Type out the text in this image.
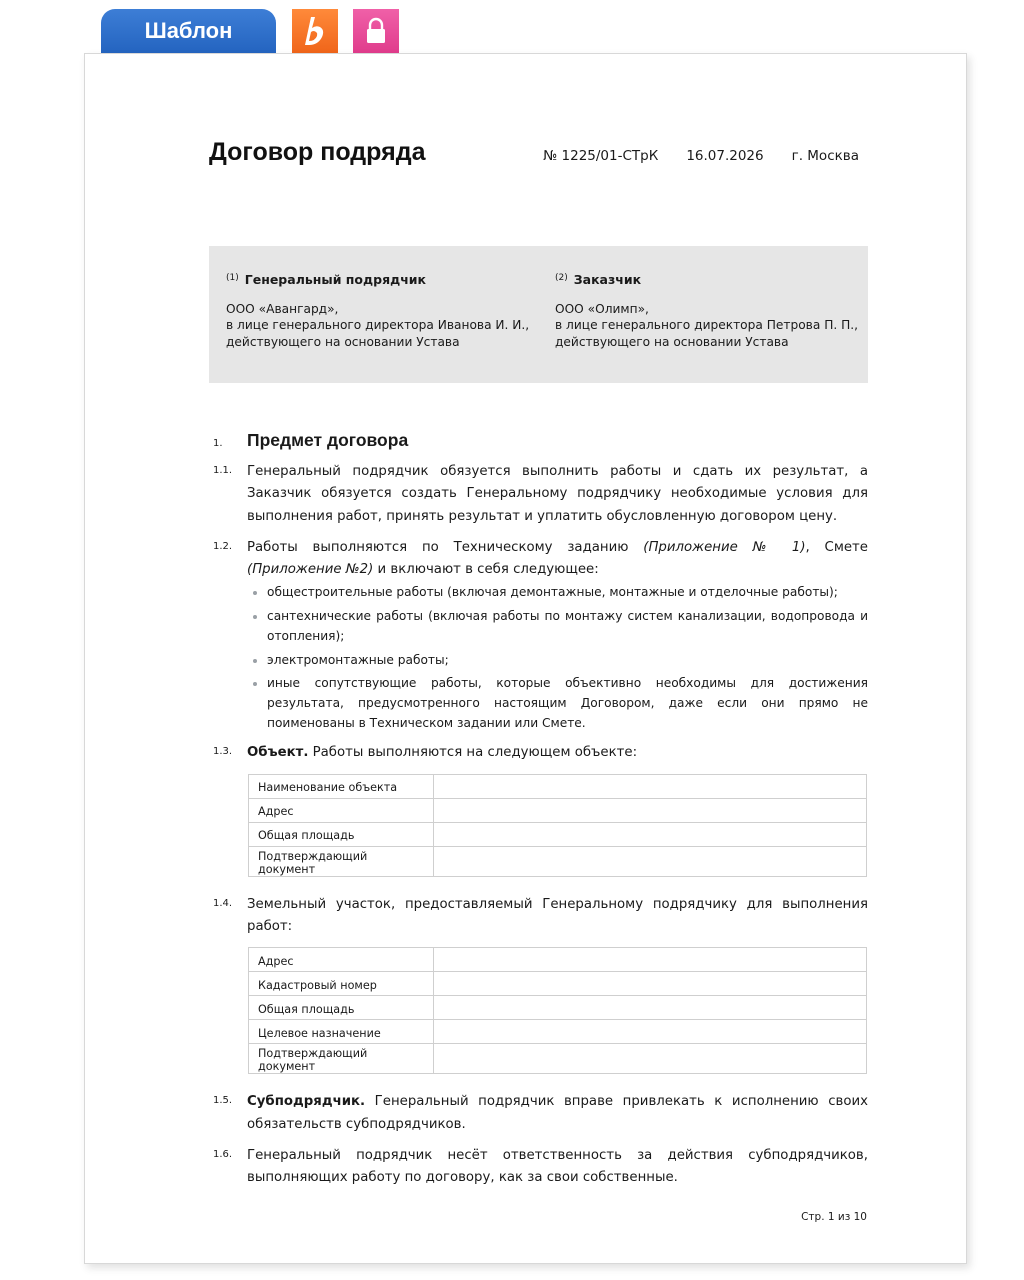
Шаблон
Договор подряда	№ 1225/01-СТрК 16.07.2026 г. Москва
$^{(1)}$ Генеральный подрядчик
ООО «Авангард»,
в лице генерального директора Иванова И. И.,
действующего на основании Устава
$^{(2)}$ Заказчик
ООО «Олимп»,
в лице генерального директора Петрова П. П.,
действующего на основании Устава
1. Предмет договора
1.1. Генеральный подрядчик обязуется выполнить работы и сдать их результат, а Заказчик обязуется создать Генеральному подрядчику необходимые условия для выполнения работ, принять результат и уплатить обусловленную договором цену.
1.2. Работы выполняются по Техническому заданию (Приложение № 1), Смете (Приложение №2) и включают в себя следующее:
общестроительные работы (включая демонтажные, монтажные и отделочные работы);
сантехнические работы (включая работы по монтажу систем канализации, водопровода и отопления);
электромонтажные работы;
иные сопутствующие работы, которые объективно необходимы для достижения результата, предусмотренного настоящим Договором, даже если они прямо не поименованы в Техническом задании или Смете.
1.3. Объект. Работы выполняются на следующем объекте:
Наименование объекта	
Адрес	
Общая площадь	
Подтверждающий документ	
1.4. Земельный участок, предоставляемый Генеральному подрядчику для выполнения работ:
Адрес	
Кадастровый номер	
Общая площадь	
Целевое назначение	
Подтверждающий документ	
1.5. Субподрядчик. Генеральный подрядчик вправе привлекать к исполнению своих обязательств субподрядчиков.
1.6. Генеральный подрядчик несёт ответственность за действия субподрядчиков, выполняющих работу по договору, как за свои собственные.
Стр. 1 из 10
